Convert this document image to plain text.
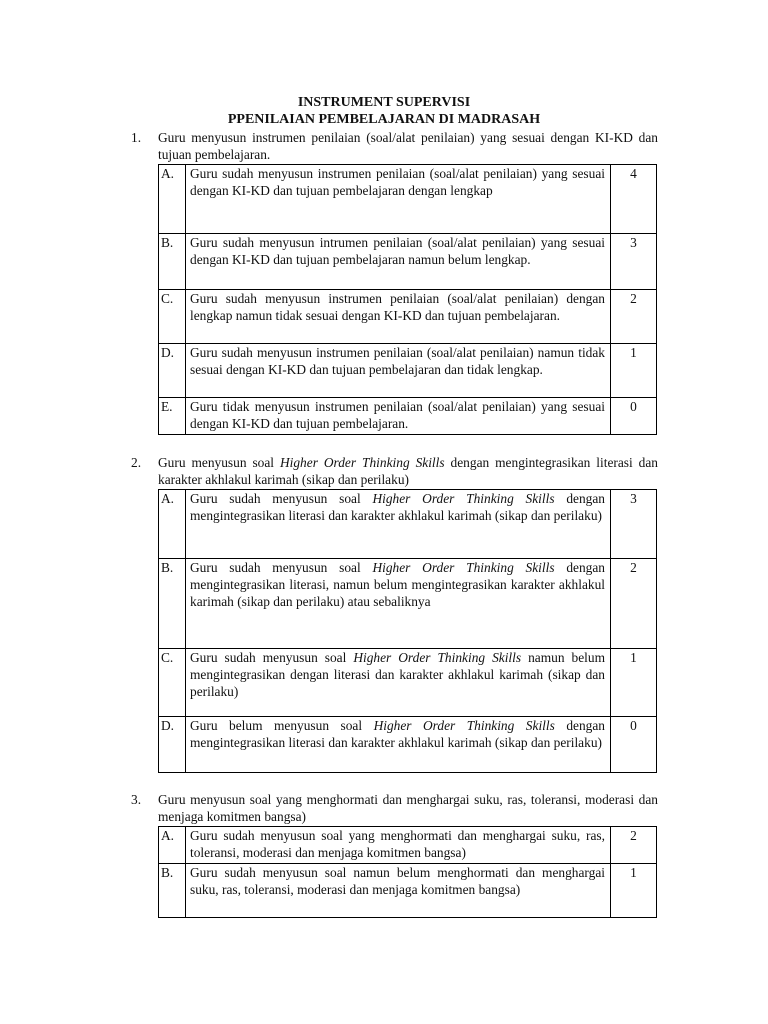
INSTRUMENT SUPERVISI
PPENILAIAN PEMBELAJARAN DI MADRASAH
1. Guru menyusun instrumen penilaian (soal/alat penilaian) yang sesuai dengan KI-KD dan tujuan pembelajaran.
A.	Guru sudah menyusun instrumen penilaian (soal/alat penilaian) yang sesuai dengan KI-KD dan tujuan pembelajaran dengan lengkap	4
B.	Guru sudah menyusun intrumen penilaian (soal/alat penilaian) yang sesuai dengan KI-KD dan tujuan pembelajaran namun belum lengkap.	3
C.	Guru sudah menyusun instrumen penilaian (soal/alat penilaian) dengan lengkap namun tidak sesuai dengan KI-KD dan tujuan pembelajaran.	2
D.	Guru sudah menyusun instrumen penilaian (soal/alat penilaian) namun tidak sesuai dengan KI-KD dan tujuan pembelajaran dan tidak lengkap.	1
E.	Guru tidak menyusun instrumen penilaian (soal/alat penilaian) yang sesuai dengan KI-KD dan tujuan pembelajaran.	0
2. Guru menyusun soal Higher Order Thinking Skills dengan mengintegrasikan literasi dan karakter akhlakul karimah (sikap dan perilaku)
A.	Guru sudah menyusun soal Higher Order Thinking Skills dengan mengintegrasikan literasi dan karakter akhlakul karimah (sikap dan perilaku)	3
B.	Guru sudah menyusun soal Higher Order Thinking Skills dengan mengintegrasikan literasi, namun belum mengintegrasikan karakter akhlakul karimah (sikap dan perilaku) atau sebaliknya	2
C.	Guru sudah menyusun soal Higher Order Thinking Skills namun belum mengintegrasikan dengan literasi dan karakter akhlakul karimah (sikap dan perilaku)	1
D.	Guru belum menyusun soal Higher Order Thinking Skills dengan mengintegrasikan literasi dan karakter akhlakul karimah (sikap dan perilaku)	0
3. Guru menyusun soal yang menghormati dan menghargai suku, ras, toleransi, moderasi dan menjaga komitmen bangsa)
A.	Guru sudah menyusun soal yang menghormati dan menghargai suku, ras, toleransi, moderasi dan menjaga komitmen bangsa)	2
B.	Guru sudah menyusun soal namun belum menghormati dan menghargai suku, ras, toleransi, moderasi dan menjaga komitmen bangsa)	1
